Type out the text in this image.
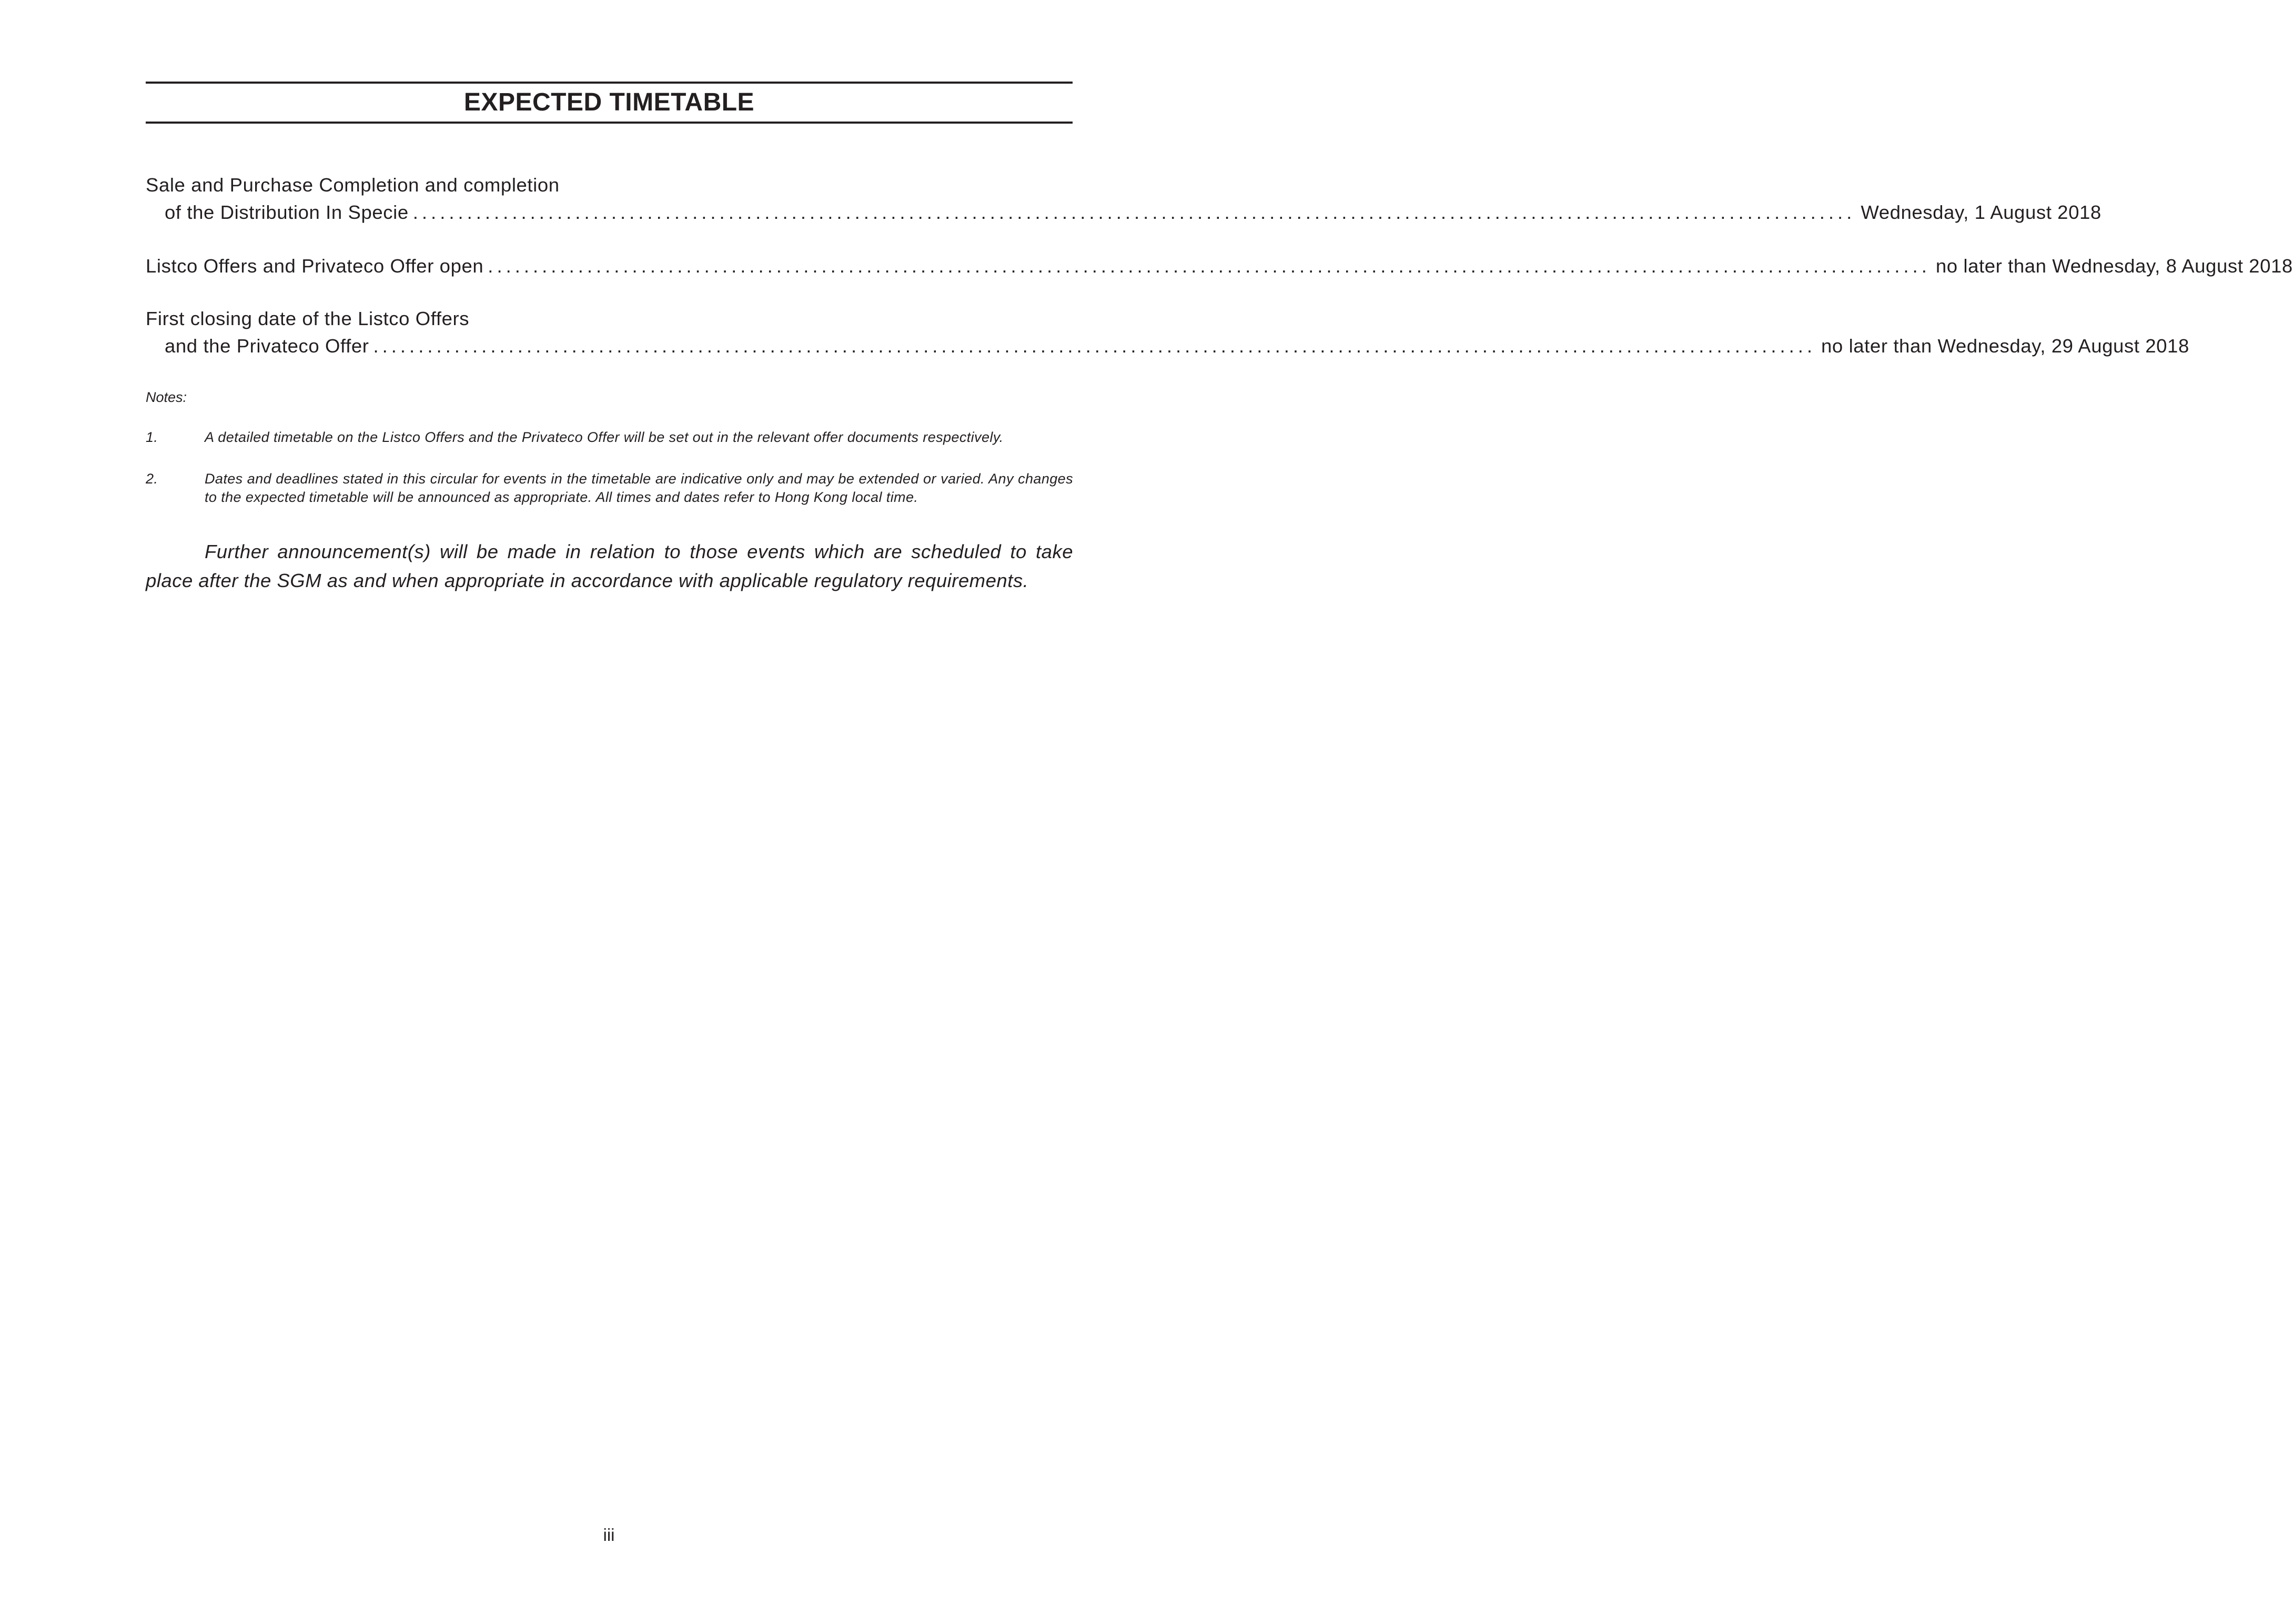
EXPECTED TIMETABLE
Sale and Purchase Completion and completion
of the Distribution In Specie ................................................................................................................................................................ Wednesday, 1 August 2018
Listco Offers and Privateco Offer open ................................................................................................................................................................ no later than Wednesday, 8 August 2018
First closing date of the Listco Offers
and the Privateco Offer ................................................................................................................................................................ no later than Wednesday, 29 August 2018
Notes:
1.	A detailed timetable on the Listco Offers and the Privateco Offer will be set out in the relevant offer documents respectively.
2.	Dates and deadlines stated in this circular for events in the timetable are indicative only and may be extended or varied. Any changes to the expected timetable will be announced as appropriate. All times and dates refer to Hong Kong local time.
Further announcement(s) will be made in relation to those events which are scheduled to take
place after the SGM as and when appropriate in accordance with applicable regulatory requirements.
iii
